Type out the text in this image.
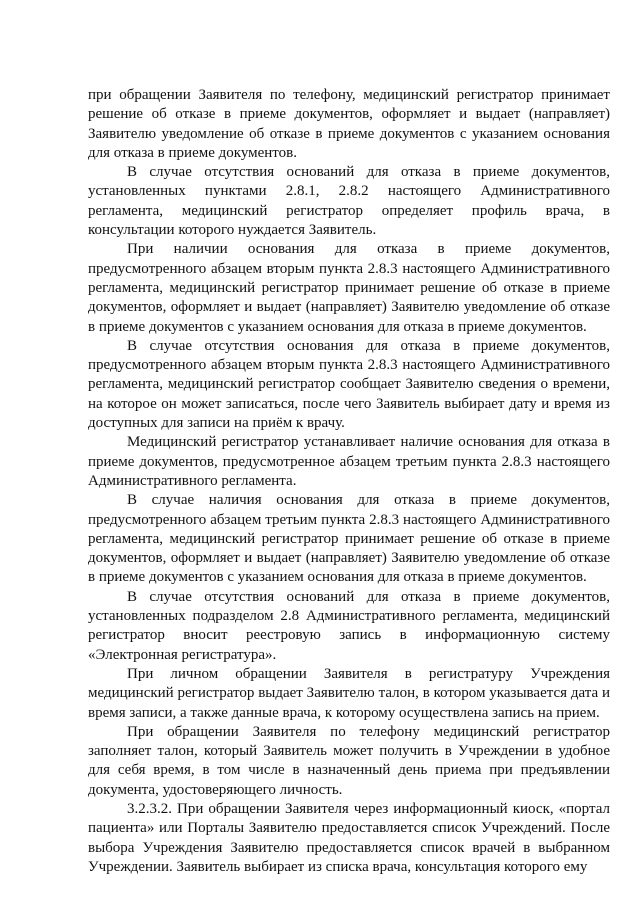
при обращении Заявителя по телефону, медицинский регистратор принимает решение об отказе в приеме документов, оформляет и выдает (направляет) Заявителю уведомление об отказе в приеме документов с указанием основания для отказа в приеме документов.

В случае отсутствия оснований для отказа в приеме документов, установленных пунктами 2.8.1, 2.8.2 настоящего Административного регламента, медицинский регистратор определяет профиль врача, в консультации которого нуждается Заявитель.

При наличии основания для отказа в приеме документов, предусмотренного абзацем вторым пункта 2.8.3 настоящего Административного регламента, медицинский регистратор принимает решение об отказе в приеме документов, оформляет и выдает (направляет) Заявителю уведомление об отказе в приеме документов с указанием основания для отказа в приеме документов.

В случае отсутствия основания для отказа в приеме документов, предусмотренного абзацем вторым пункта 2.8.3 настоящего Административного регламента, медицинский регистратор сообщает Заявителю сведения о времени, на которое он может записаться, после чего Заявитель выбирает дату и время из доступных для записи на приём к врачу.

Медицинский регистратор устанавливает наличие основания для отказа в приеме документов, предусмотренное абзацем третьим пункта 2.8.3 настоящего Административного регламента.

В случае наличия основания для отказа в приеме документов, предусмотренного абзацем третьим пункта 2.8.3 настоящего Административного регламента, медицинский регистратор принимает решение об отказе в приеме документов, оформляет и выдает (направляет) Заявителю уведомление об отказе в приеме документов с указанием основания для отказа в приеме документов.

В случае отсутствия оснований для отказа в приеме документов, установленных подразделом 2.8 Административного регламента, медицинский регистратор вносит реестровую запись в информационную систему «Электронная регистратура».

При личном обращении Заявителя в регистратуру Учреждения медицинский регистратор выдает Заявителю талон, в котором указывается дата и время записи, а также данные врача, к которому осуществлена запись на прием.

При обращении Заявителя по телефону медицинский регистратор заполняет талон, который Заявитель может получить в Учреждении в удобное для себя время, в том числе в назначенный день приема при предъявлении документа, удостоверяющего личность.

3.2.3.2. При обращении Заявителя через информационный киоск, «портал пациента» или Порталы Заявителю предоставляется список Учреждений. После выбора Учреждения Заявителю предоставляется список врачей в выбранном Учреждении. Заявитель выбирает из списка врача, консультация которого ему
